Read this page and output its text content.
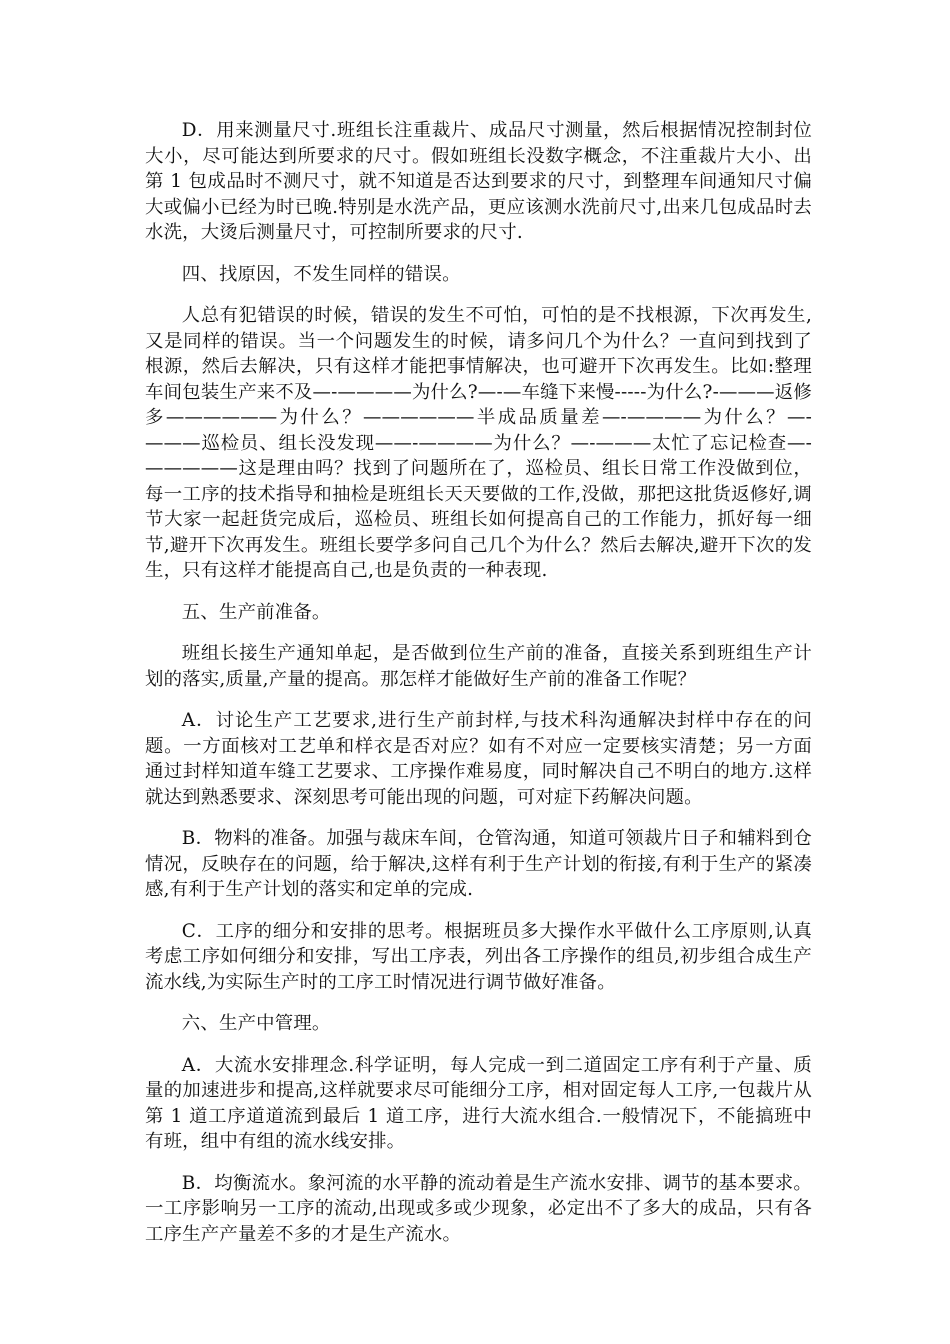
D．用来测量尺寸.班组长注重裁片、成品尺寸测量，然后根据情况控制封位大小，尽可能达到所要求的尺寸。假如班组长没数字概念，不注重裁片大小、出第 1 包成品时不测尺寸，就不知道是否达到要求的尺寸，到整理车间通知尺寸偏大或偏小已经为时已晚.特别是水洗产品，更应该测水洗前尺寸,出来几包成品时去水洗，大烫后测量尺寸，可控制所要求的尺寸.

四、找原因，不发生同样的错误。

人总有犯错误的时候，错误的发生不可怕，可怕的是不找根源，下次再发生,又是同样的错误。当一个问题发生的时候，请多问几个为什么？一直问到找到了根源，然后去解决，只有这样才能把事情解决，也可避开下次再发生。比如:整理车间包装生产来不及—-————为什么?—-—车缝下来慢-----为什么?-———返修多——————为什么？——————半成品质量差—-————为什么？—-———巡检员、组长没发现——-————为什么？—-———太忙了忘记检查—-—————这是理由吗？找到了问题所在了，巡检员、组长日常工作没做到位，每一工序的技术指导和抽检是班组长天天要做的工作,没做，那把这批货返修好,调节大家一起赶货完成后，巡检员、班组长如何提高自己的工作能力，抓好每一细节,避开下次再发生。班组长要学多问自己几个为什么？然后去解决,避开下次的发生，只有这样才能提高自己,也是负责的一种表现.

五、生产前准备。

班组长接生产通知单起，是否做到位生产前的准备，直接关系到班组生产计划的落实,质量,产量的提高。那怎样才能做好生产前的准备工作呢？

A．讨论生产工艺要求,进行生产前封样,与技术科沟通解决封样中存在的问题。一方面核对工艺单和样衣是否对应？如有不对应一定要核实清楚；另一方面通过封样知道车缝工艺要求、工序操作难易度，同时解决自己不明白的地方.这样就达到熟悉要求、深刻思考可能出现的问题，可对症下药解决问题。

B．物料的准备。加强与裁床车间，仓管沟通，知道可领裁片日子和辅料到仓情况，反映存在的问题，给于解决,这样有利于生产计划的衔接,有利于生产的紧凑感,有利于生产计划的落实和定单的完成.

C．工序的细分和安排的思考。根据班员多大操作水平做什么工序原则,认真考虑工序如何细分和安排，写出工序表，列出各工序操作的组员,初步组合成生产流水线,为实际生产时的工序工时情况进行调节做好准备。

六、生产中管理。

A．大流水安排理念.科学证明，每人完成一到二道固定工序有利于产量、质量的加速进步和提高,这样就要求尽可能细分工序，相对固定每人工序,一包裁片从第 1 道工序道道流到最后 1 道工序，进行大流水组合.一般情况下，不能搞班中有班，组中有组的流水线安排。

B．均衡流水。象河流的水平静的流动着是生产流水安排、调节的基本要求。一工序影响另一工序的流动,出现或多或少现象，必定出不了多大的成品，只有各工序生产产量差不多的才是生产流水。
